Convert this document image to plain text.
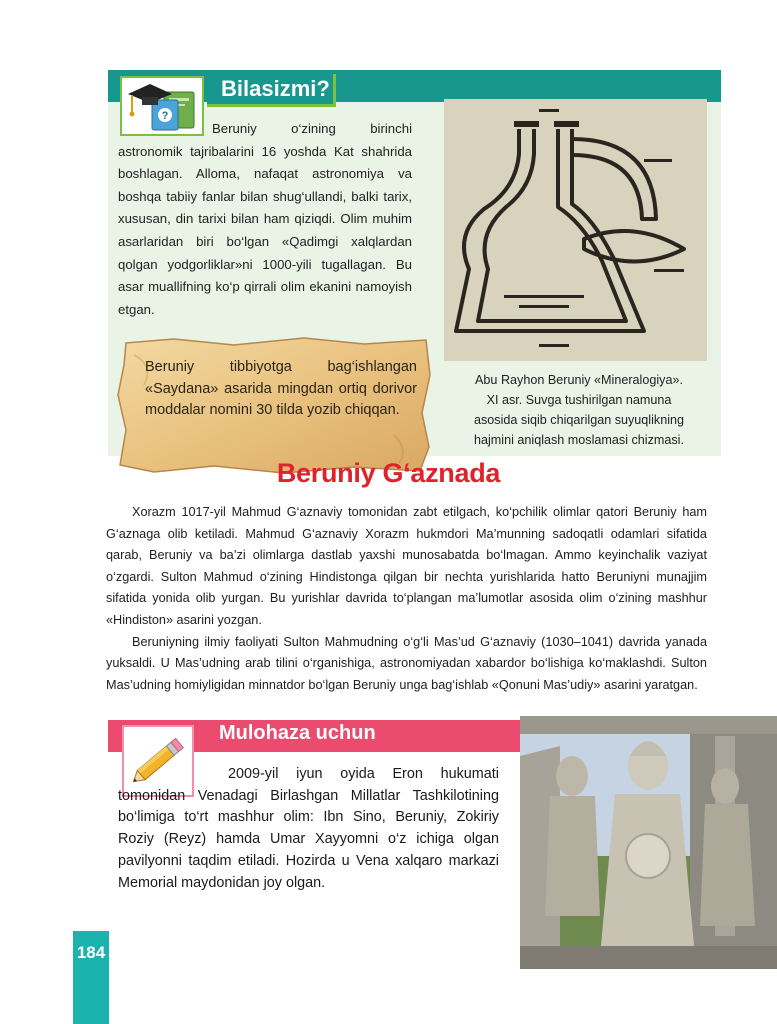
184
Bilasizmi?
?
Beruniy o‘zining birinchi astronomik tajribalarini 16 yoshda Kat shahrida boshlagan. Alloma, nafaqat astronomiya va boshqa tabiiy fanlar bilan shug‘ullandi, balki tarix, xususan, din tarixi bilan ham qiziqdi. Olim muhim asarlaridan biri bo‘lgan «Qadimgi xalqlardan qolgan yodgorliklar»ni 1000-yili tugallagan. Bu asar muallifning ko‘p qirrali olim ekanini namoyish etgan.
Abu Rayhon Beruniy «Mineralogiya».
XI asr. Suvga tushirilgan namuna
asosida siqib chiqarilgan suyuqlikning
hajmini aniqlash moslamasi chizmasi.
Beruniy tibbiyotga bag‘ishlangan «Saydana» asarida mingdan ortiq dorivor moddalar nomini 30 tilda yozib chiqqan.
Beruniy G‘aznada

Xorazm 1017-yil Mahmud G‘aznaviy tomonidan zabt etilgach, ko‘pchilik olimlar qatori Beruniy ham G‘aznaga olib ketiladi. Mahmud G‘aznaviy Xorazm hukmdori Ma’munning sadoqatli odamlari sifatida qarab, Beruniy va ba’zi olimlarga dastlab yaxshi munosabatda bo‘lmagan. Ammo keyinchalik vaziyat o‘zgardi. Sulton Mahmud o‘zining Hindistonga qilgan bir nechta yurishlarida hatto Beruniyni munajjim sifatida yonida olib yurgan. Bu yurishlar davrida to‘plangan ma’lumotlar asosida olim o‘zining mashhur «Hindiston» asarini yozgan.

Beruniyning ilmiy faoliyati Sulton Mahmudning o‘g‘li Mas’ud G‘aznaviy (1030–1041) davrida yanada yuksaldi. U Mas’udning arab tilini o‘rganishiga, astronomiyadan xabardor bo‘lishiga ko‘maklashdi. Sulton Mas’udning homiyligidan minnatdor bo‘lgan Beruniy unga bag‘ishlab «Qonuni Mas’udiy» asarini yaratgan.

Mulohaza uchun
2009-yil iyun oyida Eron hukumati tomonidan Venadagi Birlashgan Millatlar Tashkilotining bo‘limiga to‘rt mashhur olim: Ibn Sino, Beruniy, Zokiriy Roziy (Reyz) hamda Umar Xayyomni o‘z ichiga olgan pavilyonni taqdim etiladi. Hozirda u Vena xalqaro markazi Memorial maydonidan joy olgan.
